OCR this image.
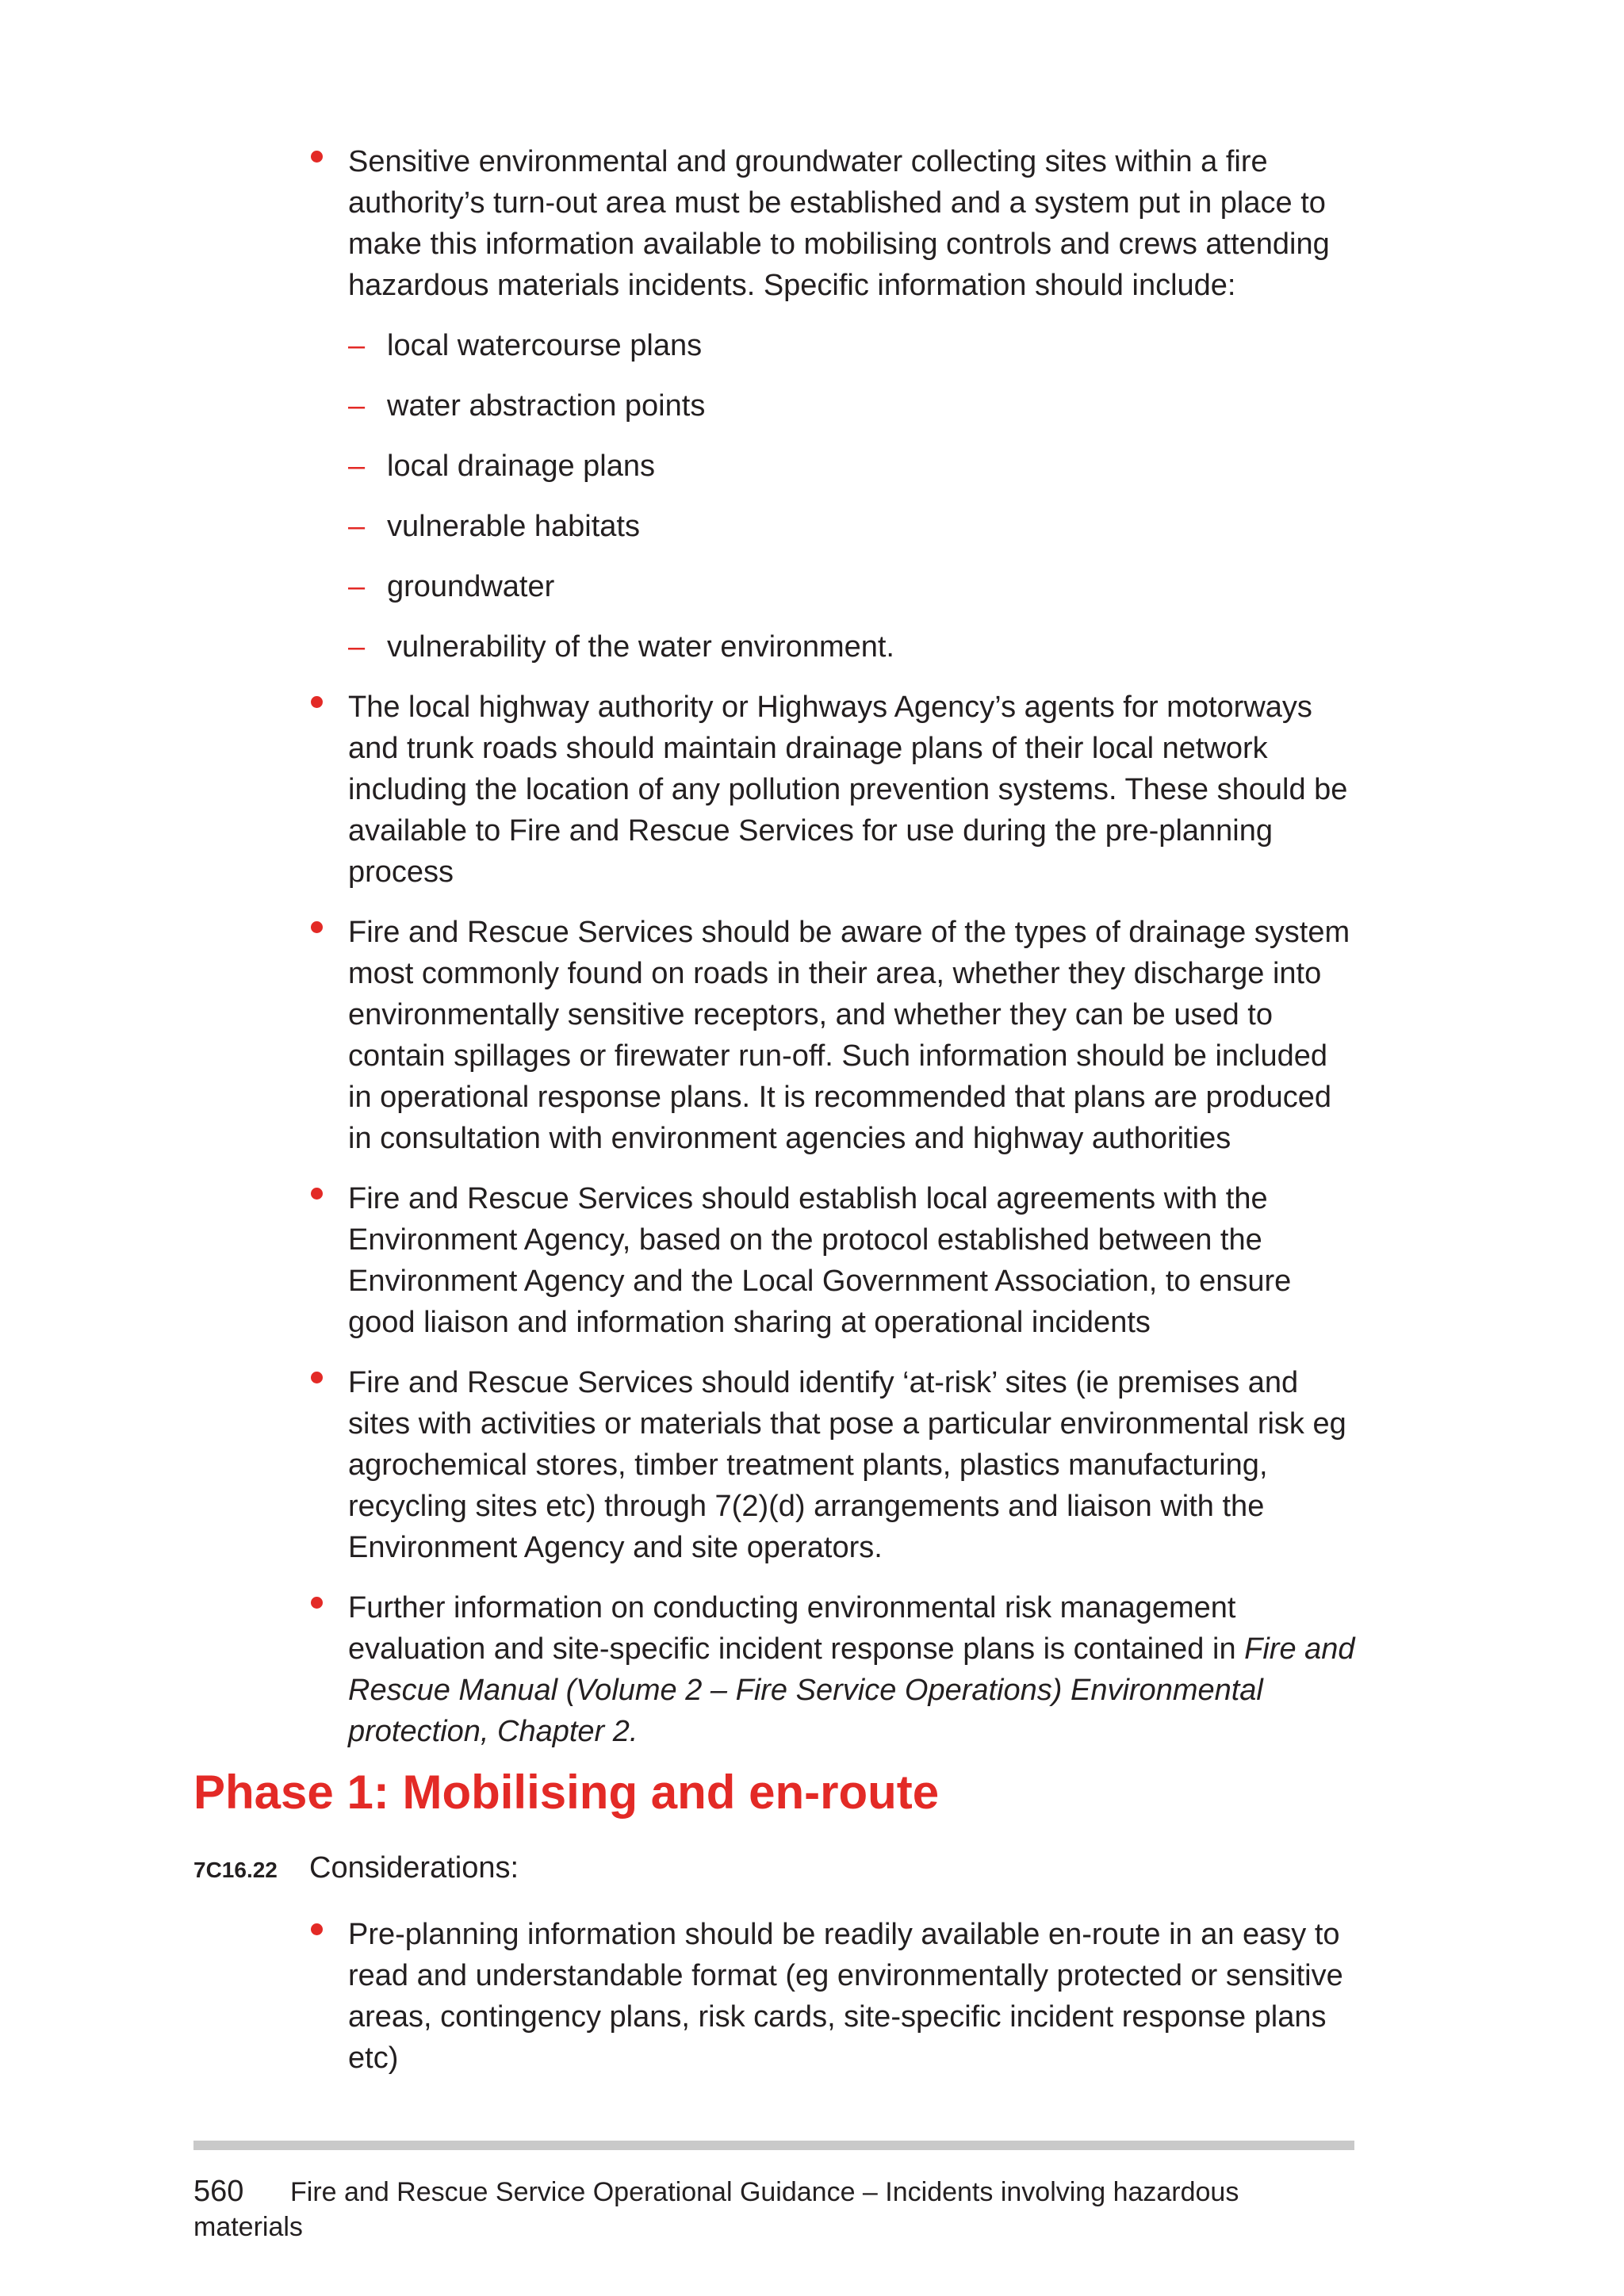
Sensitive environmental and groundwater collecting sites within a fire authority’s turn-out area must be established and a system put in place to make this information available to mobilising controls and crews attending hazardous materials incidents. Specific information should include:
– local watercourse plans
– water abstraction points
– local drainage plans
– vulnerable habitats
– groundwater
– vulnerability of the water environment.
The local highway authority or Highways Agency’s agents for motorways and trunk roads should maintain drainage plans of their local network including the location of any pollution prevention systems. These should be available to Fire and Rescue Services for use during the pre-planning process
Fire and Rescue Services should be aware of the types of drainage system most commonly found on roads in their area, whether they discharge into environmentally sensitive receptors, and whether they can be used to contain spillages or firewater run-off. Such information should be included in operational response plans. It is recommended that plans are produced in consultation with environment agencies and highway authorities
Fire and Rescue Services should establish local agreements with the Environment Agency, based on the protocol established between the Environment Agency and the Local Government Association, to ensure good liaison and information sharing at operational incidents
Fire and Rescue Services should identify ‘at-risk’ sites (ie premises and sites with activities or materials that pose a particular environmental risk eg agrochemical stores, timber treatment plants, plastics manufacturing, recycling sites etc) through 7(2)(d) arrangements and liaison with the Environment Agency and site operators.
Further information on conducting environmental risk management evaluation and site-specific incident response plans is contained in Fire and Rescue Manual (Volume 2 – Fire Service Operations) Environmental protection, Chapter 2.
Phase 1: Mobilising and en-route
7C16.22 Considerations:
Pre-planning information should be readily available en-route in an easy to read and understandable format (eg environmentally protected or sensitive areas, contingency plans, risk cards, site-specific incident response plans etc)
560 Fire and Rescue Service Operational Guidance – Incidents involving hazardous materials
